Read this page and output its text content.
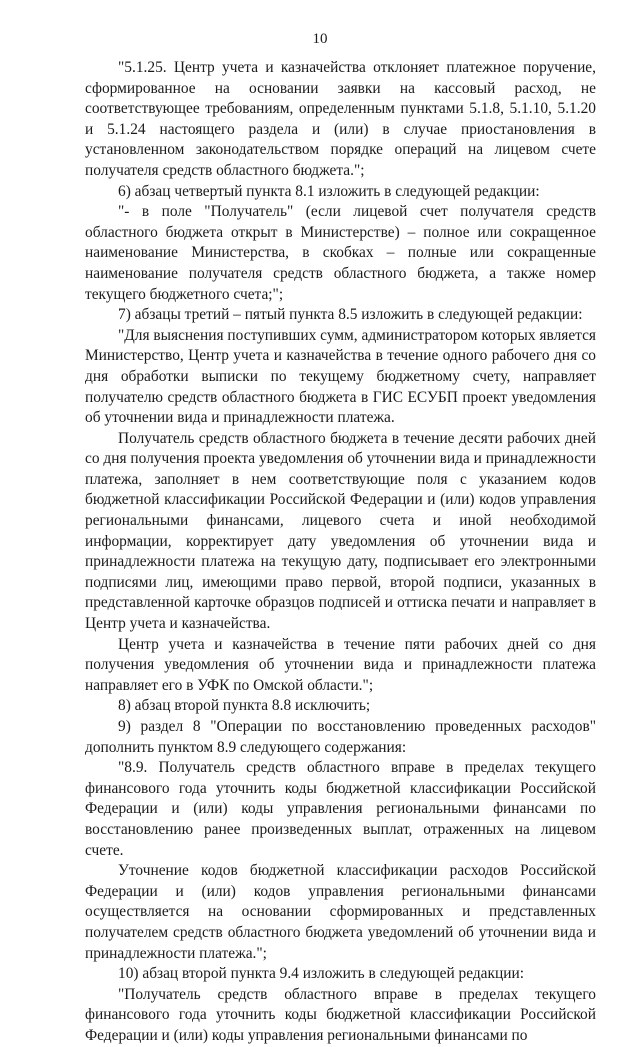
10

"5.1.25. Центр учета и казначейства отклоняет платежное поручение, сформированное на основании заявки на кассовый расход, не соответствующее требованиям, определенным пунктами 5.1.8, 5.1.10, 5.1.20 и 5.1.24 настоящего раздела и (или) в случае приостановления в установленном законодательством порядке операций на лицевом счете получателя средств областного бюджета.";

6) абзац четвертый пункта 8.1 изложить в следующей редакции:

"- в поле "Получатель" (если лицевой счет получателя средств областного бюджета открыт в Министерстве) – полное или сокращенное наименование Министерства, в скобках – полные или сокращенные наименование получателя средств областного бюджета, а также номер текущего бюджетного счета;";

7) абзацы третий – пятый пункта 8.5 изложить в следующей редакции:

"Для выяснения поступивших сумм, администратором которых является Министерство, Центр учета и казначейства в течение одного рабочего дня со дня обработки выписки по текущему бюджетному счету, направляет получателю средств областного бюджета в ГИС ЕСУБП проект уведомления об уточнении вида и принадлежности платежа.

Получатель средств областного бюджета в течение десяти рабочих дней со дня получения проекта уведомления об уточнении вида и принадлежности платежа, заполняет в нем соответствующие поля с указанием кодов бюджетной классификации Российской Федерации и (или) кодов управления региональными финансами, лицевого счета и иной необходимой информации, корректирует дату уведомления об уточнении вида и принадлежности платежа на текущую дату, подписывает его электронными подписями лиц, имеющими право первой, второй подписи, указанных в представленной карточке образцов подписей и оттиска печати и направляет в Центр учета и казначейства.

Центр учета и казначейства в течение пяти рабочих дней со дня получения уведомления об уточнении вида и принадлежности платежа направляет его в УФК по Омской области.";

8) абзац второй пункта 8.8 исключить;

9) раздел 8 "Операции по восстановлению проведенных расходов" дополнить пунктом 8.9 следующего содержания:

"8.9. Получатель средств областного вправе в пределах текущего финансового года уточнить коды бюджетной классификации Российской Федерации и (или) коды управления региональными финансами по восстановлению ранее произведенных выплат, отраженных на лицевом счете.

Уточнение кодов бюджетной классификации расходов Российской Федерации и (или) кодов управления региональными финансами осуществляется на основании сформированных и представленных получателем средств областного бюджета уведомлений об уточнении вида и принадлежности платежа.";

10) абзац второй пункта 9.4 изложить в следующей редакции:

"Получатель средств областного вправе в пределах текущего финансового года уточнить коды бюджетной классификации Российской Федерации и (или) коды управления региональными финансами по
